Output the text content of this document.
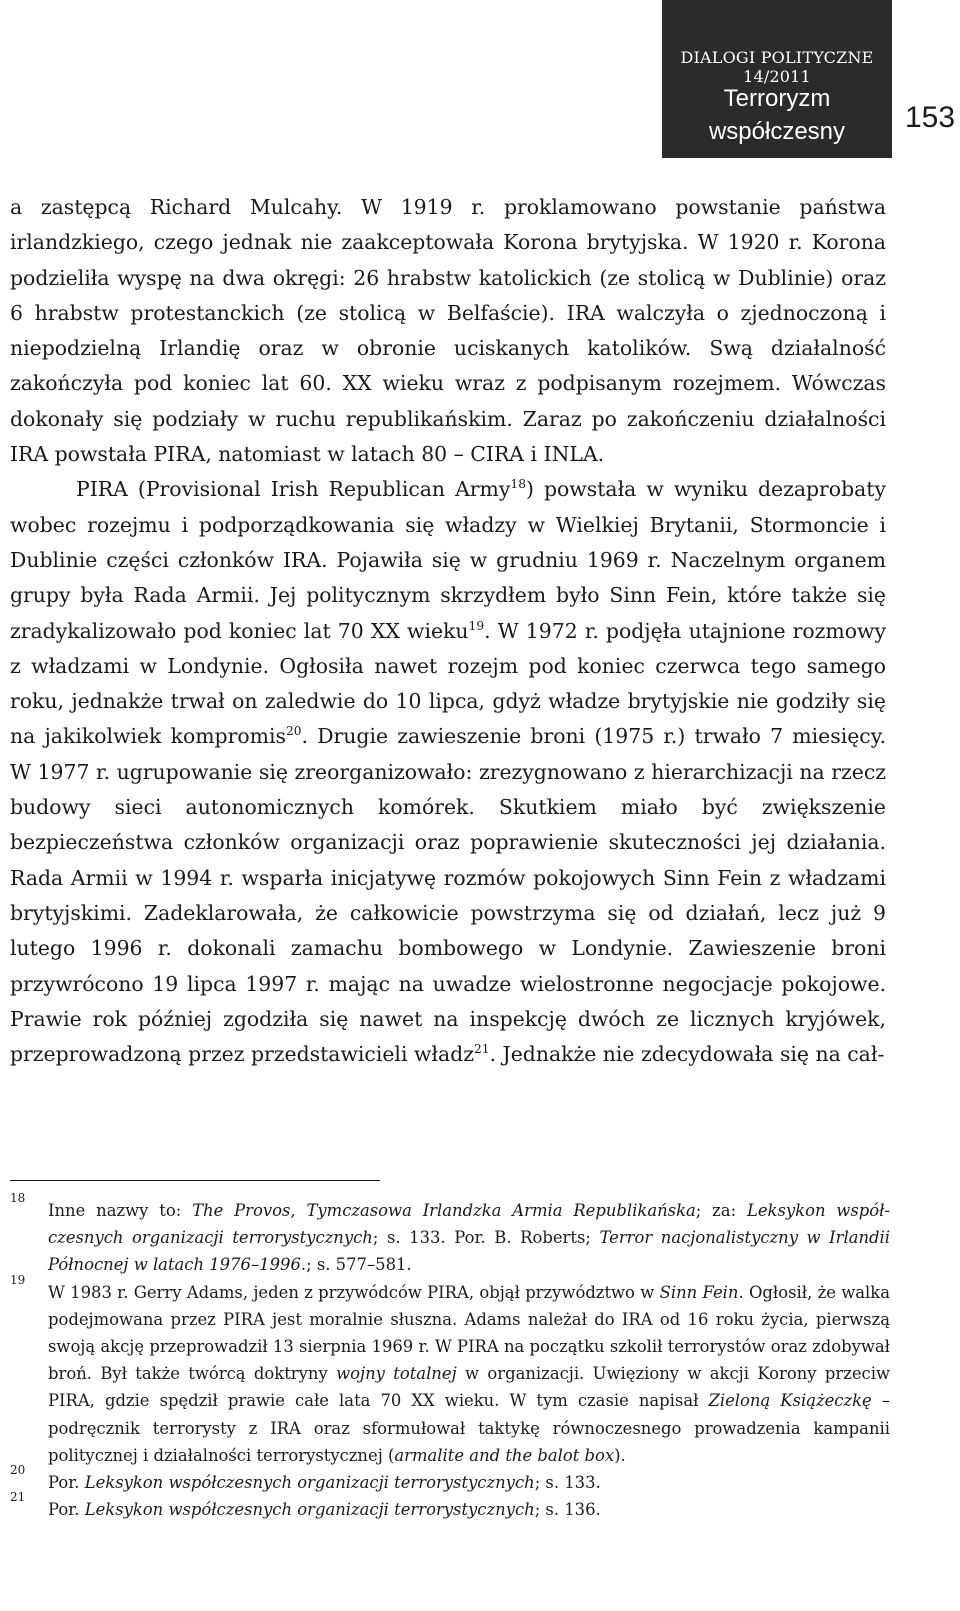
DIALOGI POLITYCZNE 14/2011
Terroryzm
współczesny	153

a zastępcą Richard Mulcahy. W 1919 r. proklamowano powstanie państwa irlandzkiego, czego jednak nie zaakceptowała Korona brytyjska. W 1920 r. Korona podzieliła wyspę na dwa okręgi: 26 hrabstw katolickich (ze stolicą w Dublinie) oraz 6 hrabstw protestanckich (ze stolicą w Belfaście). IRA walczyła o zjednoczoną i niepodzielną Irlandię oraz w obronie uciskanych katolików. Swą działalność zakończyła pod koniec lat 60. XX wieku wraz z podpisanym rozejmem. Wówczas dokonały się podziały w ruchu republikańskim. Zaraz po zakończeniu działalności IRA powstała PIRA, natomiast w latach 80 – CIRA i INLA.

PIRA (Provisional Irish Republican Army$^{18}$) powstała w wyniku dezaprobaty wobec rozejmu i podporządkowania się władzy w Wielkiej Brytanii, Stormoncie i Dublinie części członków IRA. Pojawiła się w grudniu 1969 r. Naczelnym organem grupy była Rada Armii. Jej politycznym skrzydłem było Sinn Fein, które także się zradykalizowało pod koniec lat 70 XX wieku$^{19}$. W 1972 r. podjęła utajnione rozmowy z władzami w Londynie. Ogłosiła nawet rozejm pod koniec czerwca tego samego roku, jednakże trwał on zaledwie do 10 lipca, gdyż władze brytyjskie nie godziły się na jakikolwiek kompromis$^{20}$. Drugie zawieszenie broni (1975 r.) trwało 7 miesięcy. W 1977 r. ugrupowanie się zreorganizowało: zrezygnowano z hierarchizacji na rzecz budowy sieci autonomicznych komórek. Skutkiem miało być zwiększenie bezpieczeństwa członków organizacji oraz poprawienie skuteczności jej działania. Rada Armii w 1994 r. wsparła inicjatywę rozmów pokojowych Sinn Fein z władzami brytyjskimi. Zadeklarowała, że całkowicie powstrzyma się od działań, lecz już 9 lutego 1996 r. dokonali zamachu bombowego w Londynie. Zawieszenie broni przywrócono 19 lipca 1997 r. mając na uwadze wielostronne negocjacje pokojowe. Prawie rok później zgodziła się nawet na inspekcję dwóch ze licznych kryjówek, przeprowadzoną przez przedstawicieli władz$^{21}$. Jednakże nie zdecydowała się na cał-

18
Inne nazwy to: The Provos, Tymczasowa Irlandzka Armia Republikańska; za: Leksykon współczesnych organizacji terrorystycznych; s. 133. Por. B. Roberts; Terror nacjonalistyczny w Irlandii Północnej w latach 1976–1996.; s. 577–581.
19
W 1983 r. Gerry Adams, jeden z przywódców PIRA, objął przywództwo w Sinn Fein. Ogłosił, że walka podejmowana przez PIRA jest moralnie słuszna. Adams należał do IRA od 16 roku życia, pierwszą swoją akcję przeprowadził 13 sierpnia 1969 r. W PIRA na początku szkolił terrorystów oraz zdobywał broń. Był także twórcą doktryny wojny totalnej w organizacji. Uwięziony w akcji Korony przeciw PIRA, gdzie spędził prawie całe lata 70 XX wieku. W tym czasie napisał Zieloną Książeczkę – podręcznik terrorysty z IRA oraz sformułował taktykę równoczesnego prowadzenia kampanii politycznej i działalności terrorystycznej (armalite and the balot box).
20
Por. Leksykon współczesnych organizacji terrorystycznych; s. 133.
21
Por. Leksykon współczesnych organizacji terrorystycznych; s. 136.
